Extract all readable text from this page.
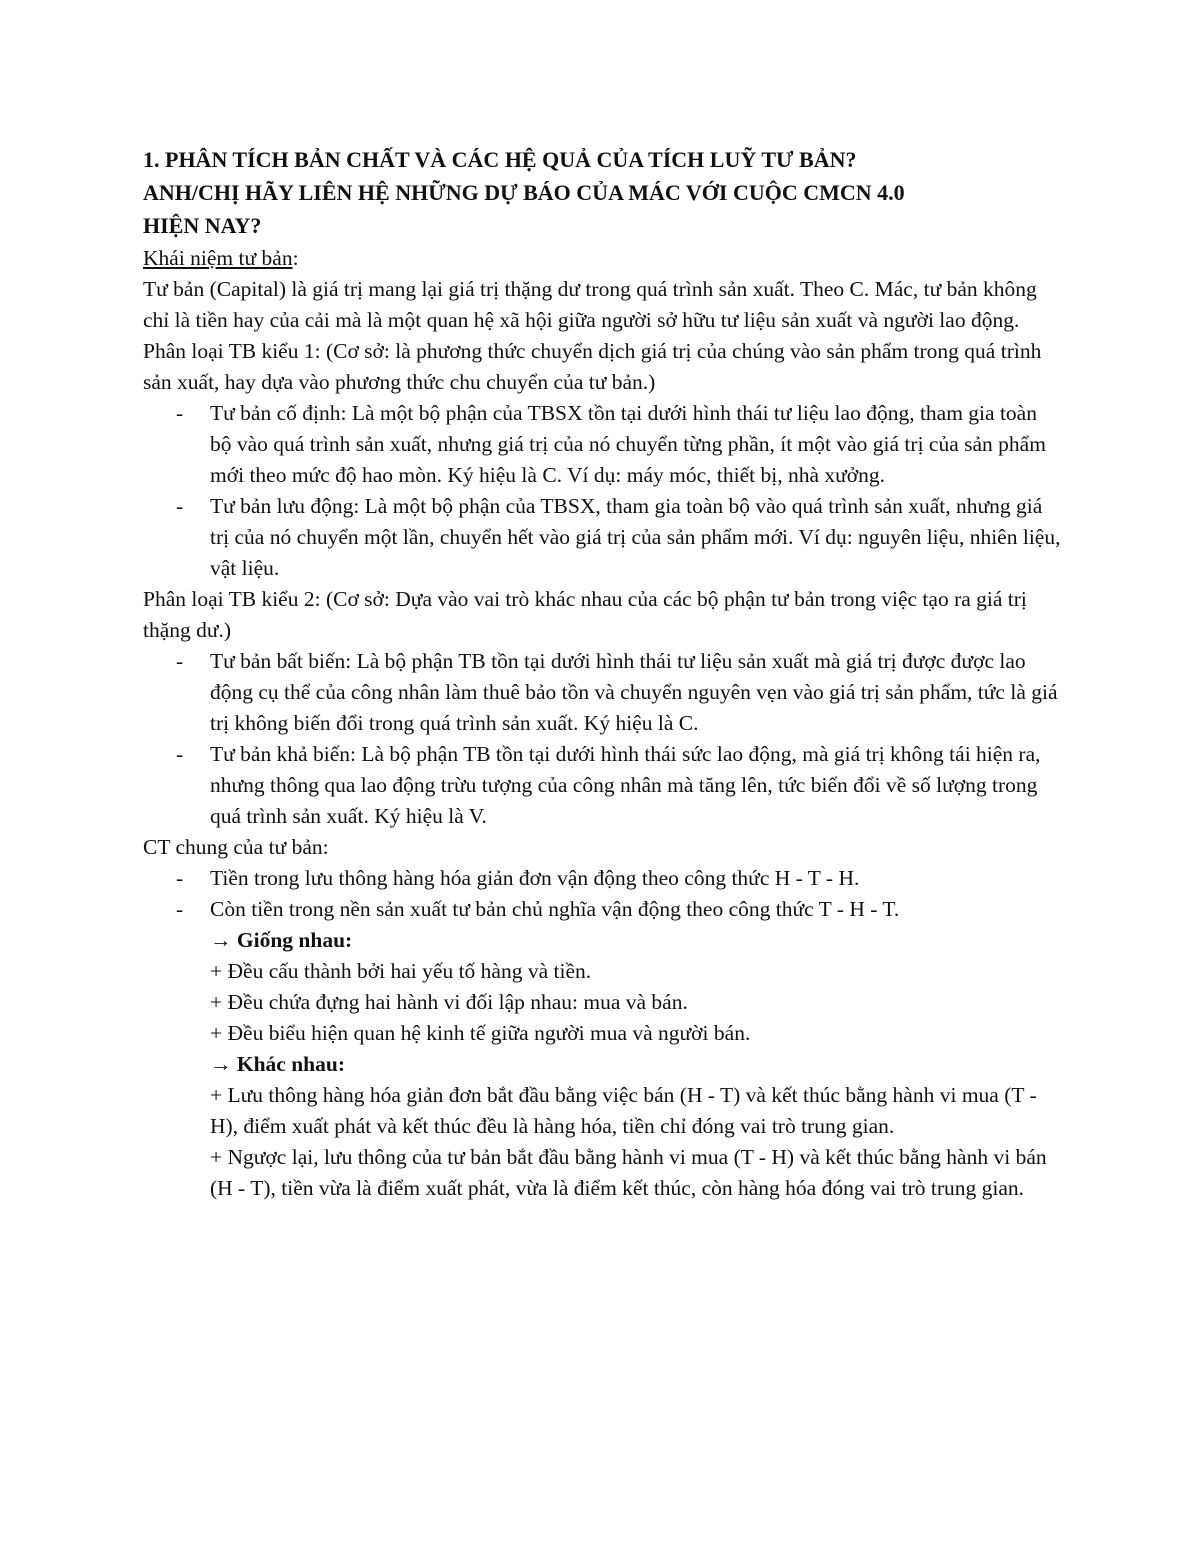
1. PHÂN TÍCH BẢN CHẤT VÀ CÁC HỆ QUẢ CỦA TÍCH LUỸ TƯ BẢN?
ANH/CHỊ HÃY LIÊN HỆ NHỮNG DỰ BÁO CỦA MÁC VỚI CUỘC CMCN 4.0
HIỆN NAY?

Khái niệm tư bản:

Tư bản (Capital) là giá trị mang lại giá trị thặng dư trong quá trình sản xuất. Theo C. Mác, tư bản không chỉ là tiền hay của cải mà là một quan hệ xã hội giữa người sở hữu tư liệu sản xuất và người lao động.

Phân loại TB kiểu 1: (Cơ sở: là phương thức chuyển dịch giá trị của chúng vào sản phẩm trong quá trình sản xuất, hay dựa vào phương thức chu chuyển của tư bản.)

- Tư bản cố định: Là một bộ phận của TBSX tồn tại dưới hình thái tư liệu lao động, tham gia toàn bộ vào quá trình sản xuất, nhưng giá trị của nó chuyển từng phần, ít một vào giá trị của sản phẩm mới theo mức độ hao mòn. Ký hiệu là C. Ví dụ: máy móc, thiết bị, nhà xưởng.
- Tư bản lưu động: Là một bộ phận của TBSX, tham gia toàn bộ vào quá trình sản xuất, nhưng giá trị của nó chuyển một lần, chuyển hết vào giá trị của sản phẩm mới. Ví dụ: nguyên liệu, nhiên liệu, vật liệu.

Phân loại TB kiểu 2: (Cơ sở: Dựa vào vai trò khác nhau của các bộ phận tư bản trong việc tạo ra giá trị thặng dư.)

- Tư bản bất biến: Là bộ phận TB tồn tại dưới hình thái tư liệu sản xuất mà giá trị được được lao động cụ thể của công nhân làm thuê bảo tồn và chuyển nguyên vẹn vào giá trị sản phẩm, tức là giá trị không biến đổi trong quá trình sản xuất. Ký hiệu là C.
- Tư bản khả biến: Là bộ phận TB tồn tại dưới hình thái sức lao động, mà giá trị không tái hiện ra, nhưng thông qua lao động trừu tượng của công nhân mà tăng lên, tức biến đổi về số lượng trong quá trình sản xuất. Ký hiệu là V.

CT chung của tư bản:

- Tiền trong lưu thông hàng hóa giản đơn vận động theo công thức H - T - H.
- Còn tiền trong nền sản xuất tư bản chủ nghĩa vận động theo công thức T - H - T.

→ Giống nhau:

+ Đều cấu thành bởi hai yếu tố hàng và tiền.

+ Đều chứa đựng hai hành vi đối lập nhau: mua và bán.

+ Đều biểu hiện quan hệ kinh tế giữa người mua và người bán.

→ Khác nhau:

+ Lưu thông hàng hóa giản đơn bắt đầu bằng việc bán (H - T) và kết thúc bằng hành vi mua (T - H), điểm xuất phát và kết thúc đều là hàng hóa, tiền chỉ đóng vai trò trung gian.

+ Ngược lại, lưu thông của tư bản bắt đầu bằng hành vi mua (T - H) và kết thúc bằng hành vi bán (H - T), tiền vừa là điểm xuất phát, vừa là điểm kết thúc, còn hàng hóa đóng vai trò trung gian.
